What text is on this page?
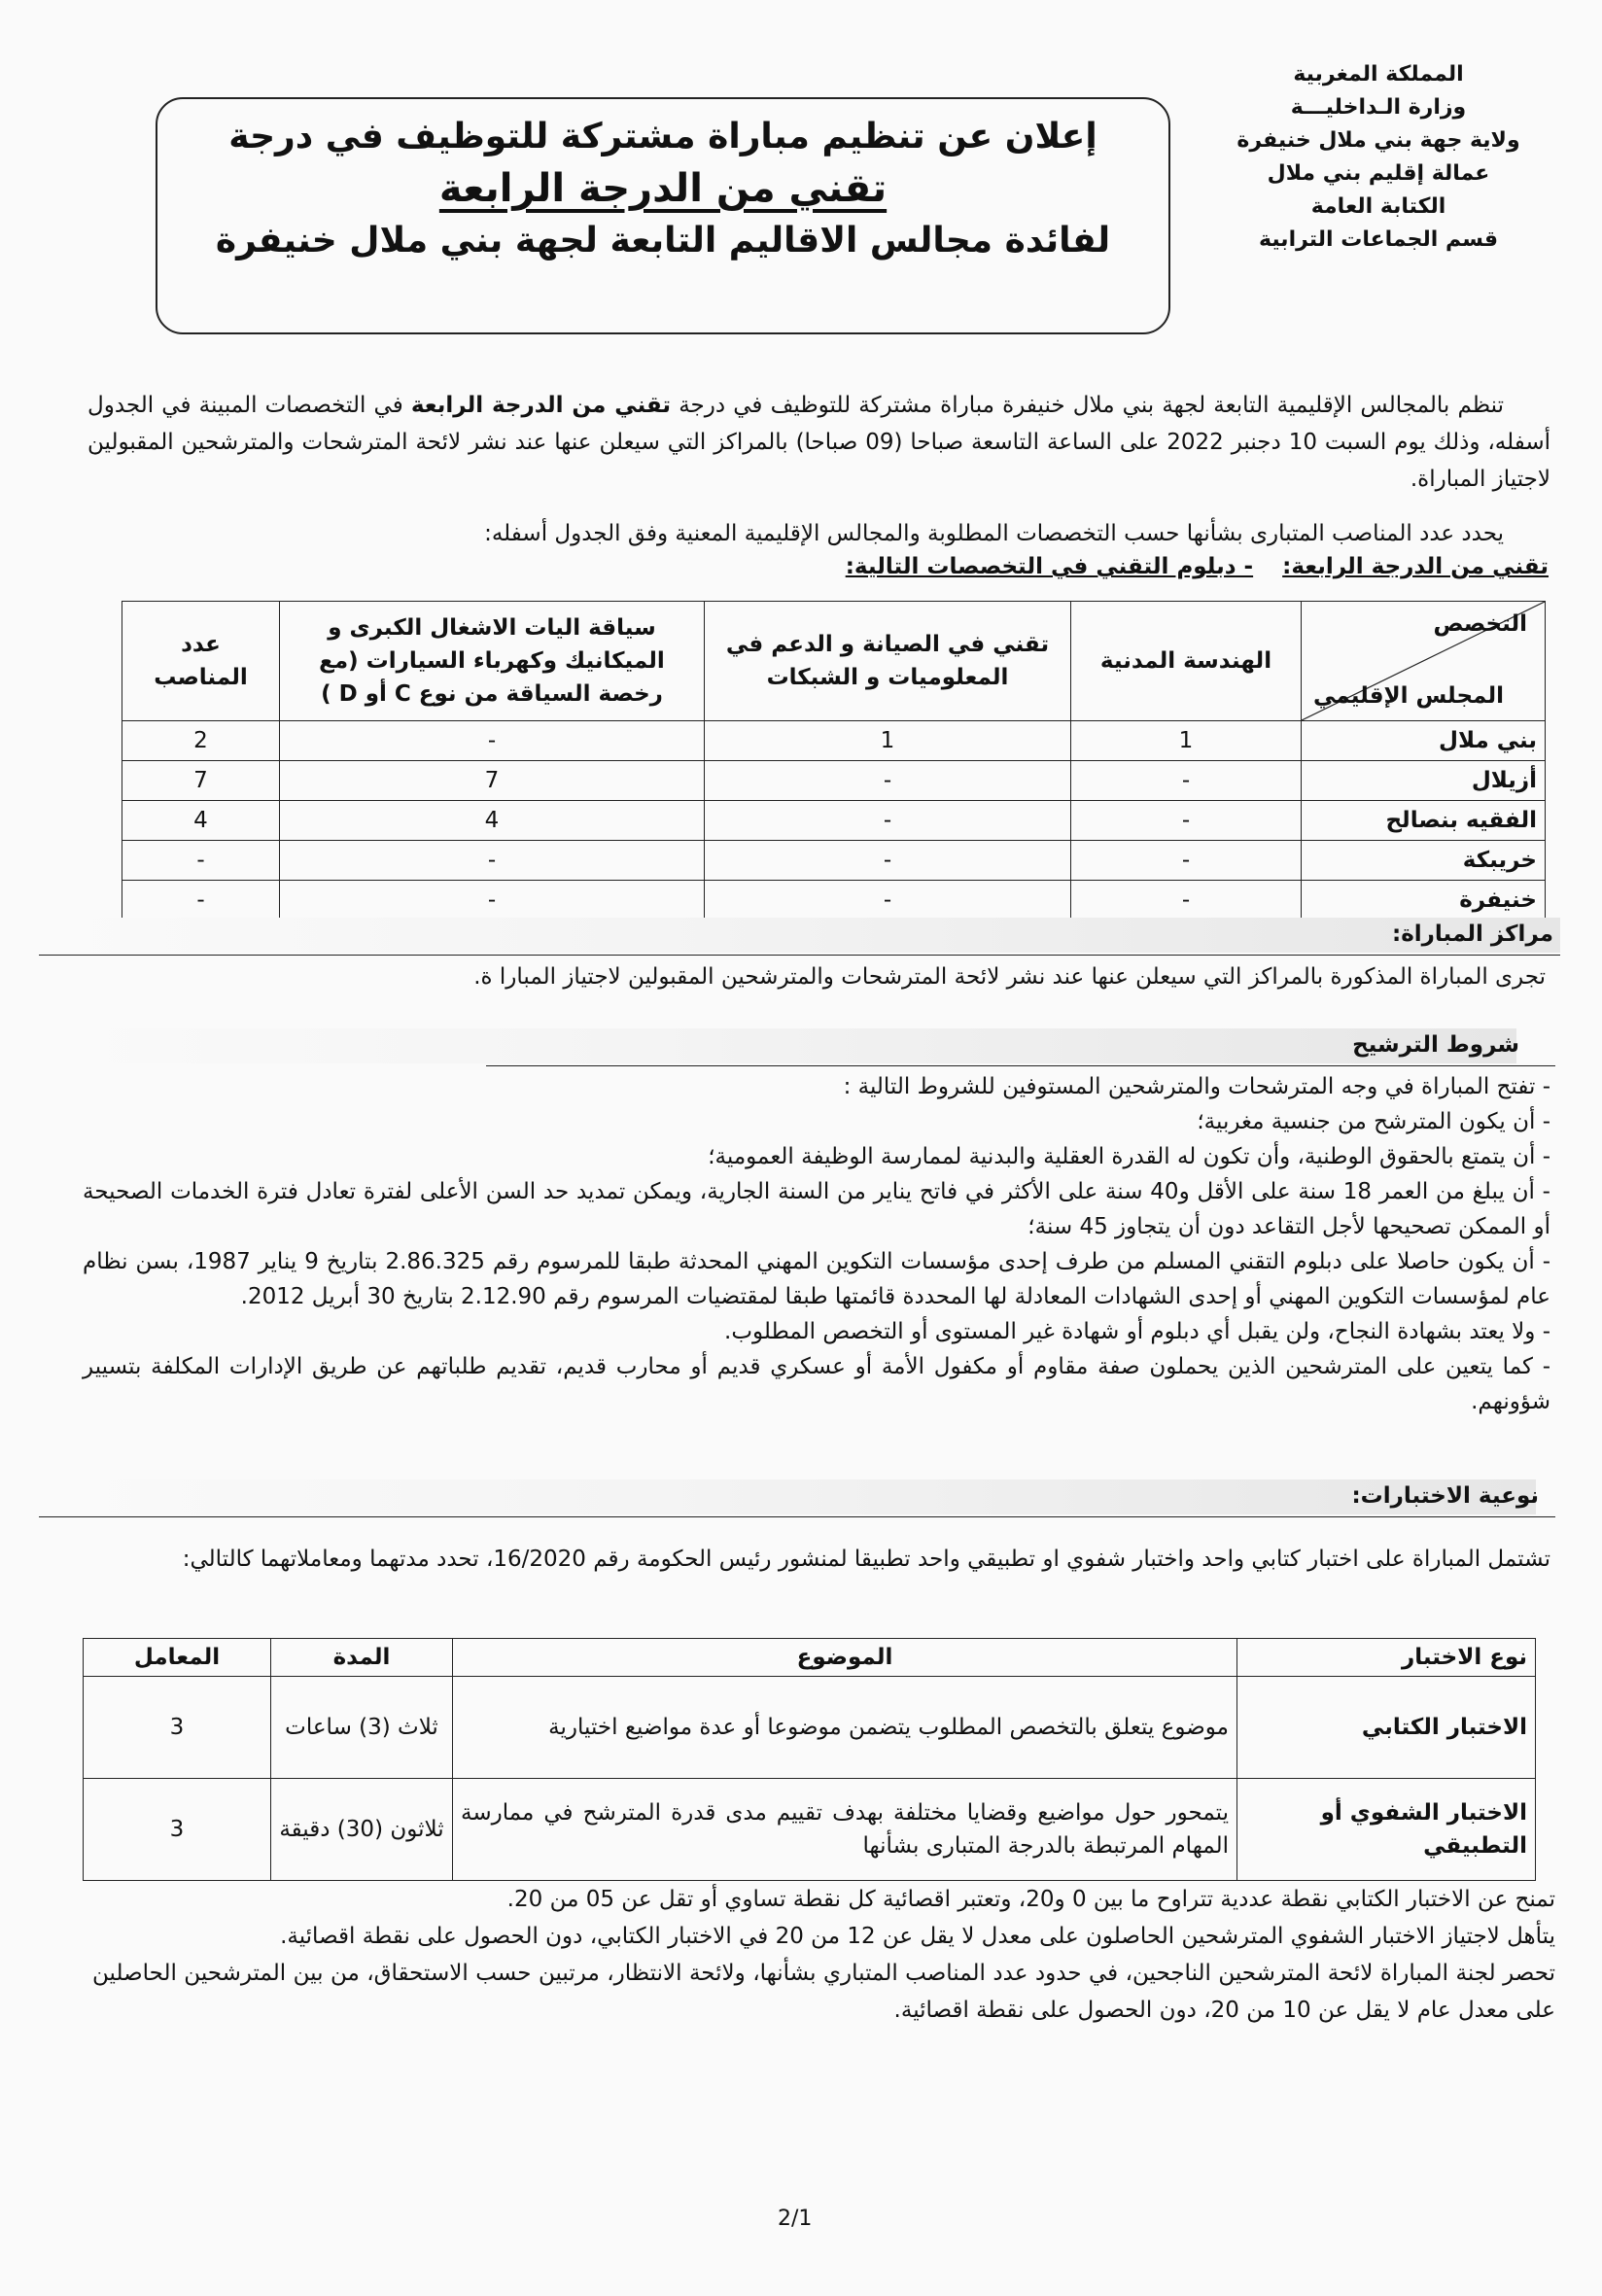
المملكة المغربية
وزارة الـداخليـــة
ولاية جهة بني ملال خنيفرة
عمالة إقليم بني ملال
الكتابة العامة
قسم الجماعات الترابية
إعلان عن تنظيم مباراة مشتركة للتوظيف في درجة
تقني من الدرجة الرابعة
لفائدة مجالس الاقاليم التابعة لجهة بني ملال خنيفرة
تنظم بالمجالس الإقليمية التابعة لجهة بني ملال خنيفرة مباراة مشتركة للتوظيف في درجة تقني من الدرجة الرابعة في التخصصات المبينة في الجدول أسفله، وذلك يوم السبت 10 دجنبر 2022 على الساعة التاسعة صباحا (09 صباحا) بالمراكز التي سيعلن عنها عند نشر لائحة المترشحات والمترشحين المقبولين لاجتياز المباراة.
يحدد عدد المناصب المتبارى بشأنها حسب التخصصات المطلوبة والمجالس الإقليمية المعنية وفق الجدول أسفله:
تقني من الدرجة الرابعة:  - دبلوم التقني في التخصصات التالية:
التخصص
المجلس الإقليمي	الهندسة المدنية	تقني في الصيانة و الدعم في المعلوميات و الشبكات	سياقة اليات الاشغال الكبرى و الميكانيك وكهرباء السيارات (مع رخصة السياقة من نوع C أو D )	عدد المناصب
بني ملال	1	1	-	2
أزيلال	-	-	7	7
الفقيه بنصالح	-	-	4	4
خريبكة	-	-	-	-
خنيفرة	-	-	-	-
مراكز المباراة:
تجرى المباراة المذكورة بالمراكز التي سيعلن عنها عند نشر لائحة المترشحات والمترشحين المقبولين لاجتياز المبارا ة.
شروط الترشيح
- تفتح المباراة في وجه المترشحات والمترشحين المستوفين للشروط التالية :
- أن يكون المترشح من جنسية مغربية؛
- أن يتمتع بالحقوق الوطنية، وأن تكون له القدرة العقلية والبدنية لممارسة الوظيفة العمومية؛
- أن يبلغ من العمر 18 سنة على الأقل و40 سنة على الأكثر في فاتح يناير من السنة الجارية، ويمكن تمديد حد السن الأعلى لفترة تعادل فترة الخدمات الصحيحة أو الممكن تصحيحها لأجل التقاعد دون أن يتجاوز 45 سنة؛
- أن يكون حاصلا على دبلوم التقني المسلم من طرف إحدى مؤسسات التكوين المهني المحدثة طبقا للمرسوم رقم 2.86.325 بتاريخ 9 يناير 1987، بسن نظام عام لمؤسسات التكوين المهني أو إحدى الشهادات المعادلة لها المحددة قائمتها طبقا لمقتضيات المرسوم رقم 2.12.90 بتاريخ 30 أبريل 2012.
- ولا يعتد بشهادة النجاح، ولن يقبل أي دبلوم أو شهادة غير المستوى أو التخصص المطلوب.
- كما يتعين على المترشحين الذين يحملون صفة مقاوم أو مكفول الأمة أو عسكري قديم أو محارب قديم، تقديم طلباتهم عن طريق الإدارات المكلفة بتسيير شؤونهم.
نوعية الاختبارات:
تشتمل المباراة على اختبار كتابي واحد واختبار شفوي او تطبيقي واحد تطبيقا لمنشور رئيس الحكومة رقم 16/2020، تحدد مدتهما ومعاملاتهما كالتالي:
نوع الاختبار	الموضوع	المدة	المعامل
الاختبار الكتابي	موضوع يتعلق بالتخصص المطلوب يتضمن موضوعا أو عدة مواضيع اختيارية	ثلاث (3) ساعات	3
الاختبار الشفوي أو التطبيقي	يتمحور حول مواضيع وقضايا مختلفة بهدف تقييم مدى قدرة المترشح في ممارسة المهام المرتبطة بالدرجة المتبارى بشأنها	ثلاثون (30) دقيقة	3
تمنح عن الاختبار الكتابي نقطة عددية تتراوح ما بين 0 و20، وتعتبر اقصائية كل نقطة تساوي أو تقل عن 05 من 20.
يتأهل لاجتياز الاختبار الشفوي المترشحين الحاصلون على معدل لا يقل عن 12 من 20 في الاختبار الكتابي، دون الحصول على نقطة اقصائية.
تحصر لجنة المباراة لائحة المترشحين الناجحين، في حدود عدد المناصب المتباري بشأنها، ولائحة الانتظار، مرتبين حسب الاستحقاق، من بين المترشحين الحاصلين على معدل عام لا يقل عن 10 من 20، دون الحصول على نقطة اقصائية.
2/1
